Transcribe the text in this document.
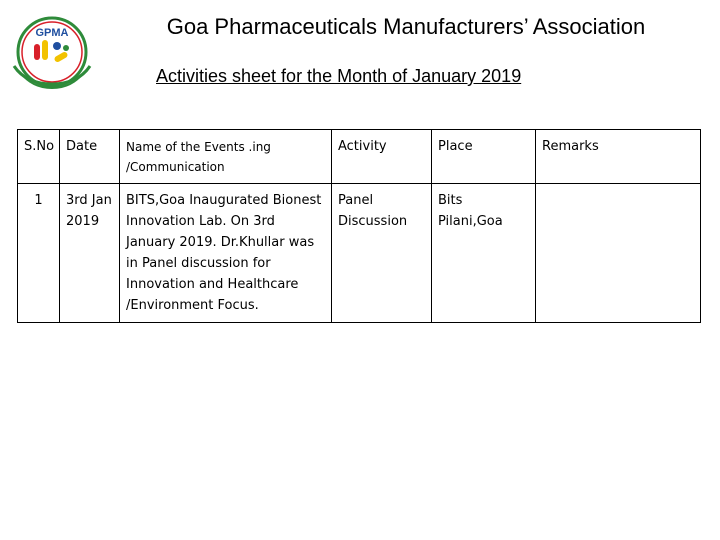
GPMA	Goa Pharmaceuticals Manufacturers’ Association
Activities sheet for the Month of January 2019
S.No	Date	Name of the Events .ing /Communication	Activity	Place	Remarks
1	3rd Jan 2019	BITS,Goa Inaugurated Bionest Innovation Lab. On 3rd January 2019. Dr.Khullar was in Panel discussion for Innovation and Healthcare /Environment Focus.	Panel Discussion	Bits Pilani,Goa	
